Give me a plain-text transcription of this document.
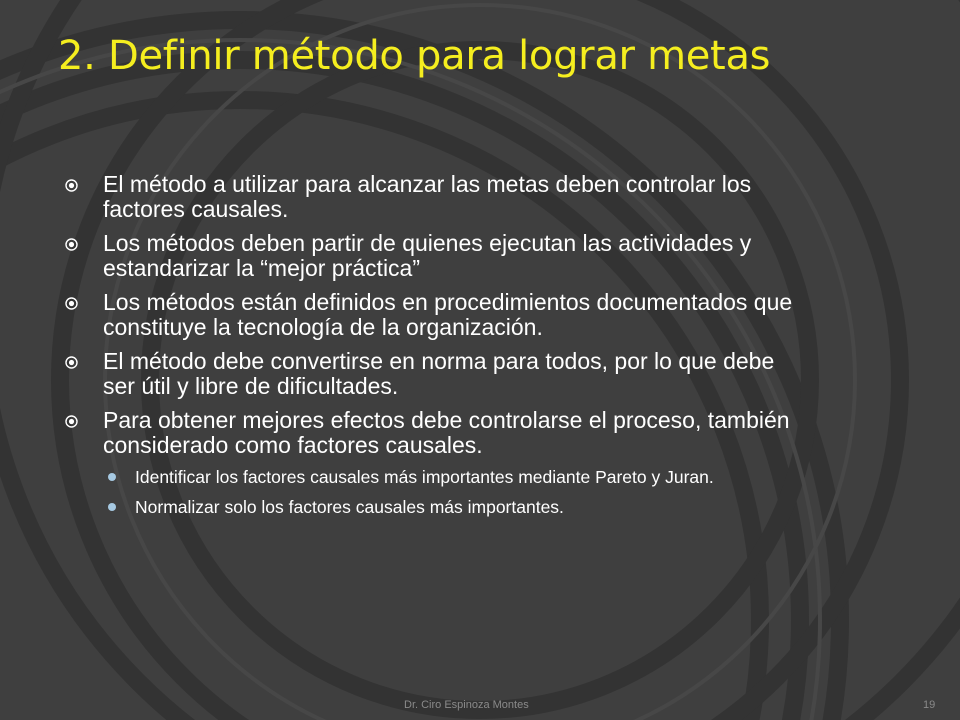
2. Definir método para lograr metas
El método a utilizar para alcanzar las metas deben controlar los factores causales.
Los métodos deben partir de quienes ejecutan las actividades y estandarizar la “mejor práctica”
Los métodos están definidos en procedimientos documentados que constituye la tecnología de la organización.
El método debe convertirse en norma para todos, por lo que debe ser útil y libre de dificultades.
Para obtener mejores efectos debe controlarse el proceso, también considerado como factores causales.
Identificar los factores causales más importantes mediante Pareto y Juran.
Normalizar solo los factores causales más importantes.
Dr. Ciro Espinoza Montes	19
